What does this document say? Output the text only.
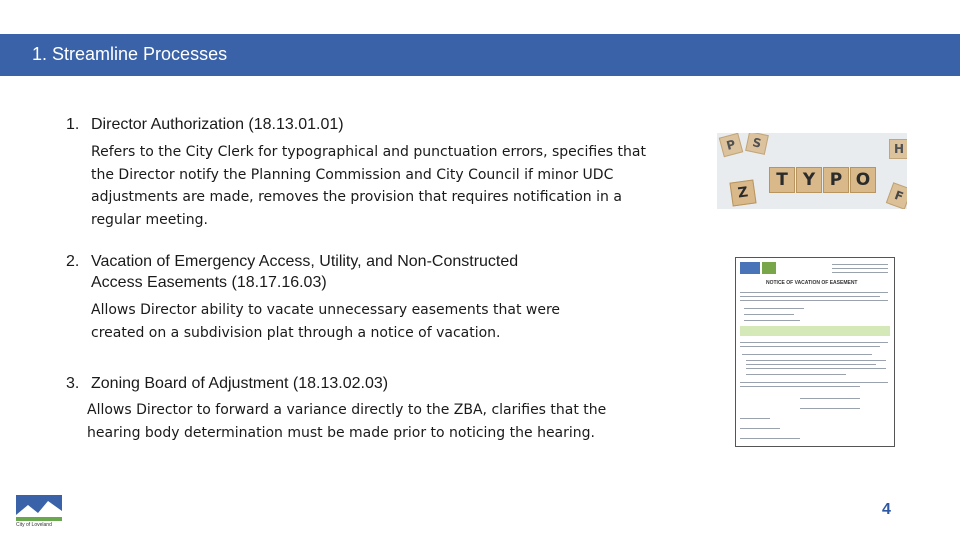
1. Streamline Processes
1. Director Authorization (18.13.01.01)
Refers to the City Clerk for typographical and punctuation errors, specifies that the Director notify the Planning Commission and City Council if minor UDC adjustments are made, removes the provision that requires notification in a regular meeting.
2. Vacation of Emergency Access, Utility, and Non-Constructed
Access Easements (18.17.16.03)
Allows Director ability to vacate unnecessary easements that were created on a subdivision plat through a notice of vacation.
3. Zoning Board of Adjustment (18.13.02.03)
Allows Director to forward a variance directly to the ZBA, clarifies that the hearing body determination must be made prior to noticing the hearing.
T Y P O
P	S	H
Z	F
NOTICE OF VACATION OF EASEMENT
City of Loveland
4
